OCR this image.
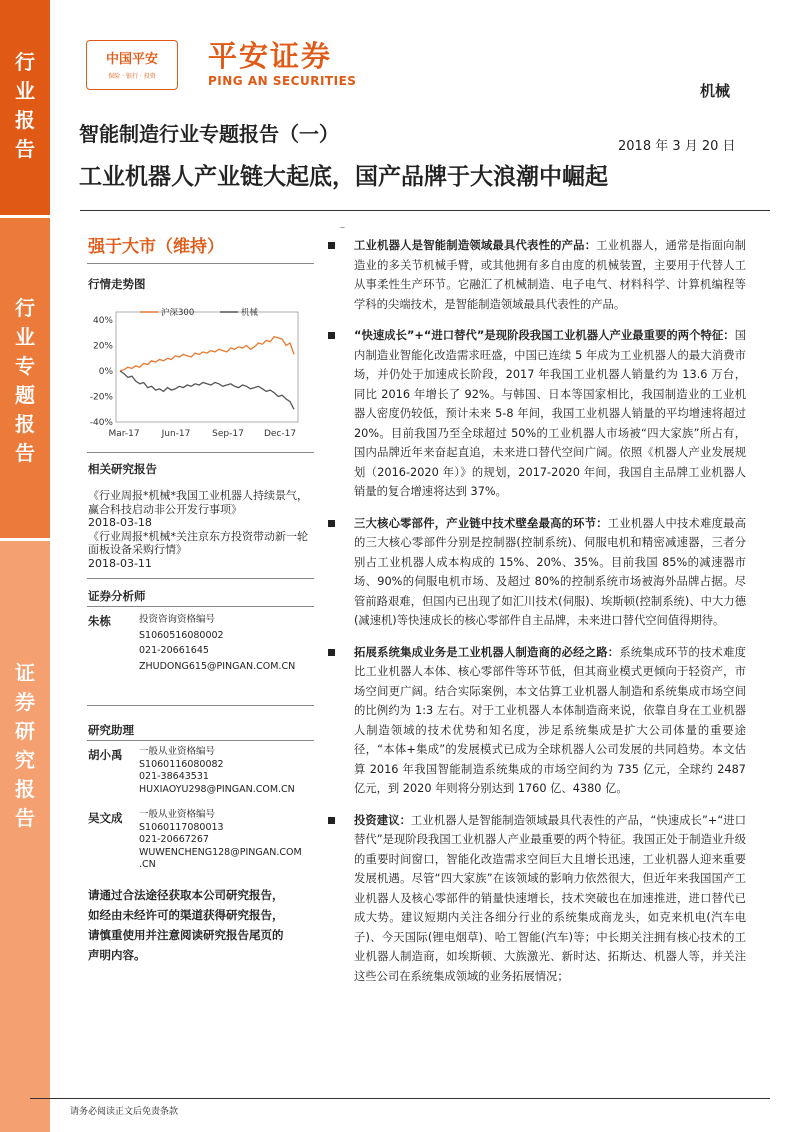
行
业
报
告
行
业
专
题
报
告
证
券
研
究
报
告
中国平安
保险 · 银行 · 投资
平安证券
PING AN SECURITIES
机械
智能制造行业专题报告（一）
2018 年 3 月 20 日
工业机器人产业链大起底，国产品牌于大浪潮中崛起
强于大市（维持）
行情走势图
40%
20%
0%
-20%
-40%
Mar-17 Jun-17 Sep-17 Dec-17
沪深300	机械
相关研究报告
《行业周报*机械*我国工业机器人持续景气，赢合科技启动非公开发行事项》
2018-03-18
《行业周报*机械*关注京东方投资带动新一轮面板设备采购行情》
2018-03-11
证券分析师
朱栋	投资咨询资格编号
S1060516080002
021-20661645
ZHUDONG615@PINGAN.COM.CN
研究助理
胡小禹 一般从业资格编号
S1060116080082
021-38643531
HUXIAOYU298@PINGAN.COM.CN
吴文成 一般从业资格编号
S1060117080013
021-20667267
WUWENCHENG128@PINGAN.COM
.CN
请通过合法途径获取本公司研究报告，如经由未经许可的渠道获得研究报告，请慎重使用并注意阅读研究报告尾页的声明内容。
–
工业机器人是智能制造领域最具代表性的产品：工业机器人，通常是指面向制造业的多关节机械手臂，或其他拥有多自由度的机械装置，主要用于代替人工从事柔性生产环节。它融汇了机械制造、电子电气、材料科学、计算机编程等学科的尖端技术，是智能制造领域最具代表性的产品。
“快速成长”+“进口替代”是现阶段我国工业机器人产业最重要的两个特征：国内制造业智能化改造需求旺盛，中国已连续 5 年成为工业机器人的最大消费市场，并仍处于加速成长阶段，2017 年我国工业机器人销量约为 13.6 万台，同比 2016 年增长了 92%。与韩国、日本等国家相比，我国制造业的工业机器人密度仍较低，预计未来 5-8 年间，我国工业机器人销量的平均增速将超过 20%。目前我国乃至全球超过 50%的工业机器人市场被“四大家族”所占有，国内品牌近年来奋起直追，未来进口替代空间广阔。依照《机器人产业发展规划（2016-2020 年）》的规划，2017-2020 年间，我国自主品牌工业机器人销量的复合增速将达到 37%。
三大核心零部件，产业链中技术壁垒最高的环节：工业机器人中技术难度最高的三大核心零部件分别是控制器(控制系统)、伺服电机和精密减速器，三者分别占工业机器人成本构成的 15%、20%、35%。目前我国 85%的减速器市场、90%的伺服电机市场、及超过 80%的控制系统市场被海外品牌占据。尽管前路艰难，但国内已出现了如汇川技术(伺服)、埃斯顿(控制系统)、中大力德(减速机)等快速成长的核心零部件自主品牌，未来进口替代空间值得期待。
拓展系统集成业务是工业机器人制造商的必经之路：系统集成环节的技术难度比工业机器人本体、核心零部件等环节低，但其商业模式更倾向于轻资产，市场空间更广阔。结合实际案例，本文估算工业机器人制造和系统集成市场空间的比例约为 1:3 左右。对于工业机器人本体制造商来说，依靠自身在工业机器人制造领域的技术优势和知名度，涉足系统集成是扩大公司体量的重要途径，“本体+集成”的发展模式已成为全球机器人公司发展的共同趋势。本文估算 2016 年我国智能制造系统集成的市场空间约为 735 亿元，全球约 2487 亿元，到 2020 年则将分别达到 1760 亿、4380 亿。
投资建议：工业机器人是智能制造领域最具代表性的产品，“快速成长”+“进口替代”是现阶段我国工业机器人产业最重要的两个特征。我国正处于制造业升级的重要时间窗口，智能化改造需求空间巨大且增长迅速，工业机器人迎来重要发展机遇。尽管“四大家族”在该领域的影响力依然很大，但近年来我国国产工业机器人及核心零部件的销量快速增长，技术突破也在加速推进，进口替代已成大势。建议短期内关注各细分行业的系统集成商龙头，如克来机电(汽车电子)、今天国际(锂电烟草)、哈工智能(汽车)等；中长期关注拥有核心技术的工业机器人制造商，如埃斯顿、大族激光、新时达、拓斯达、机器人等，并关注这些公司在系统集成领域的业务拓展情况；
请务必阅读正文后免责条款
